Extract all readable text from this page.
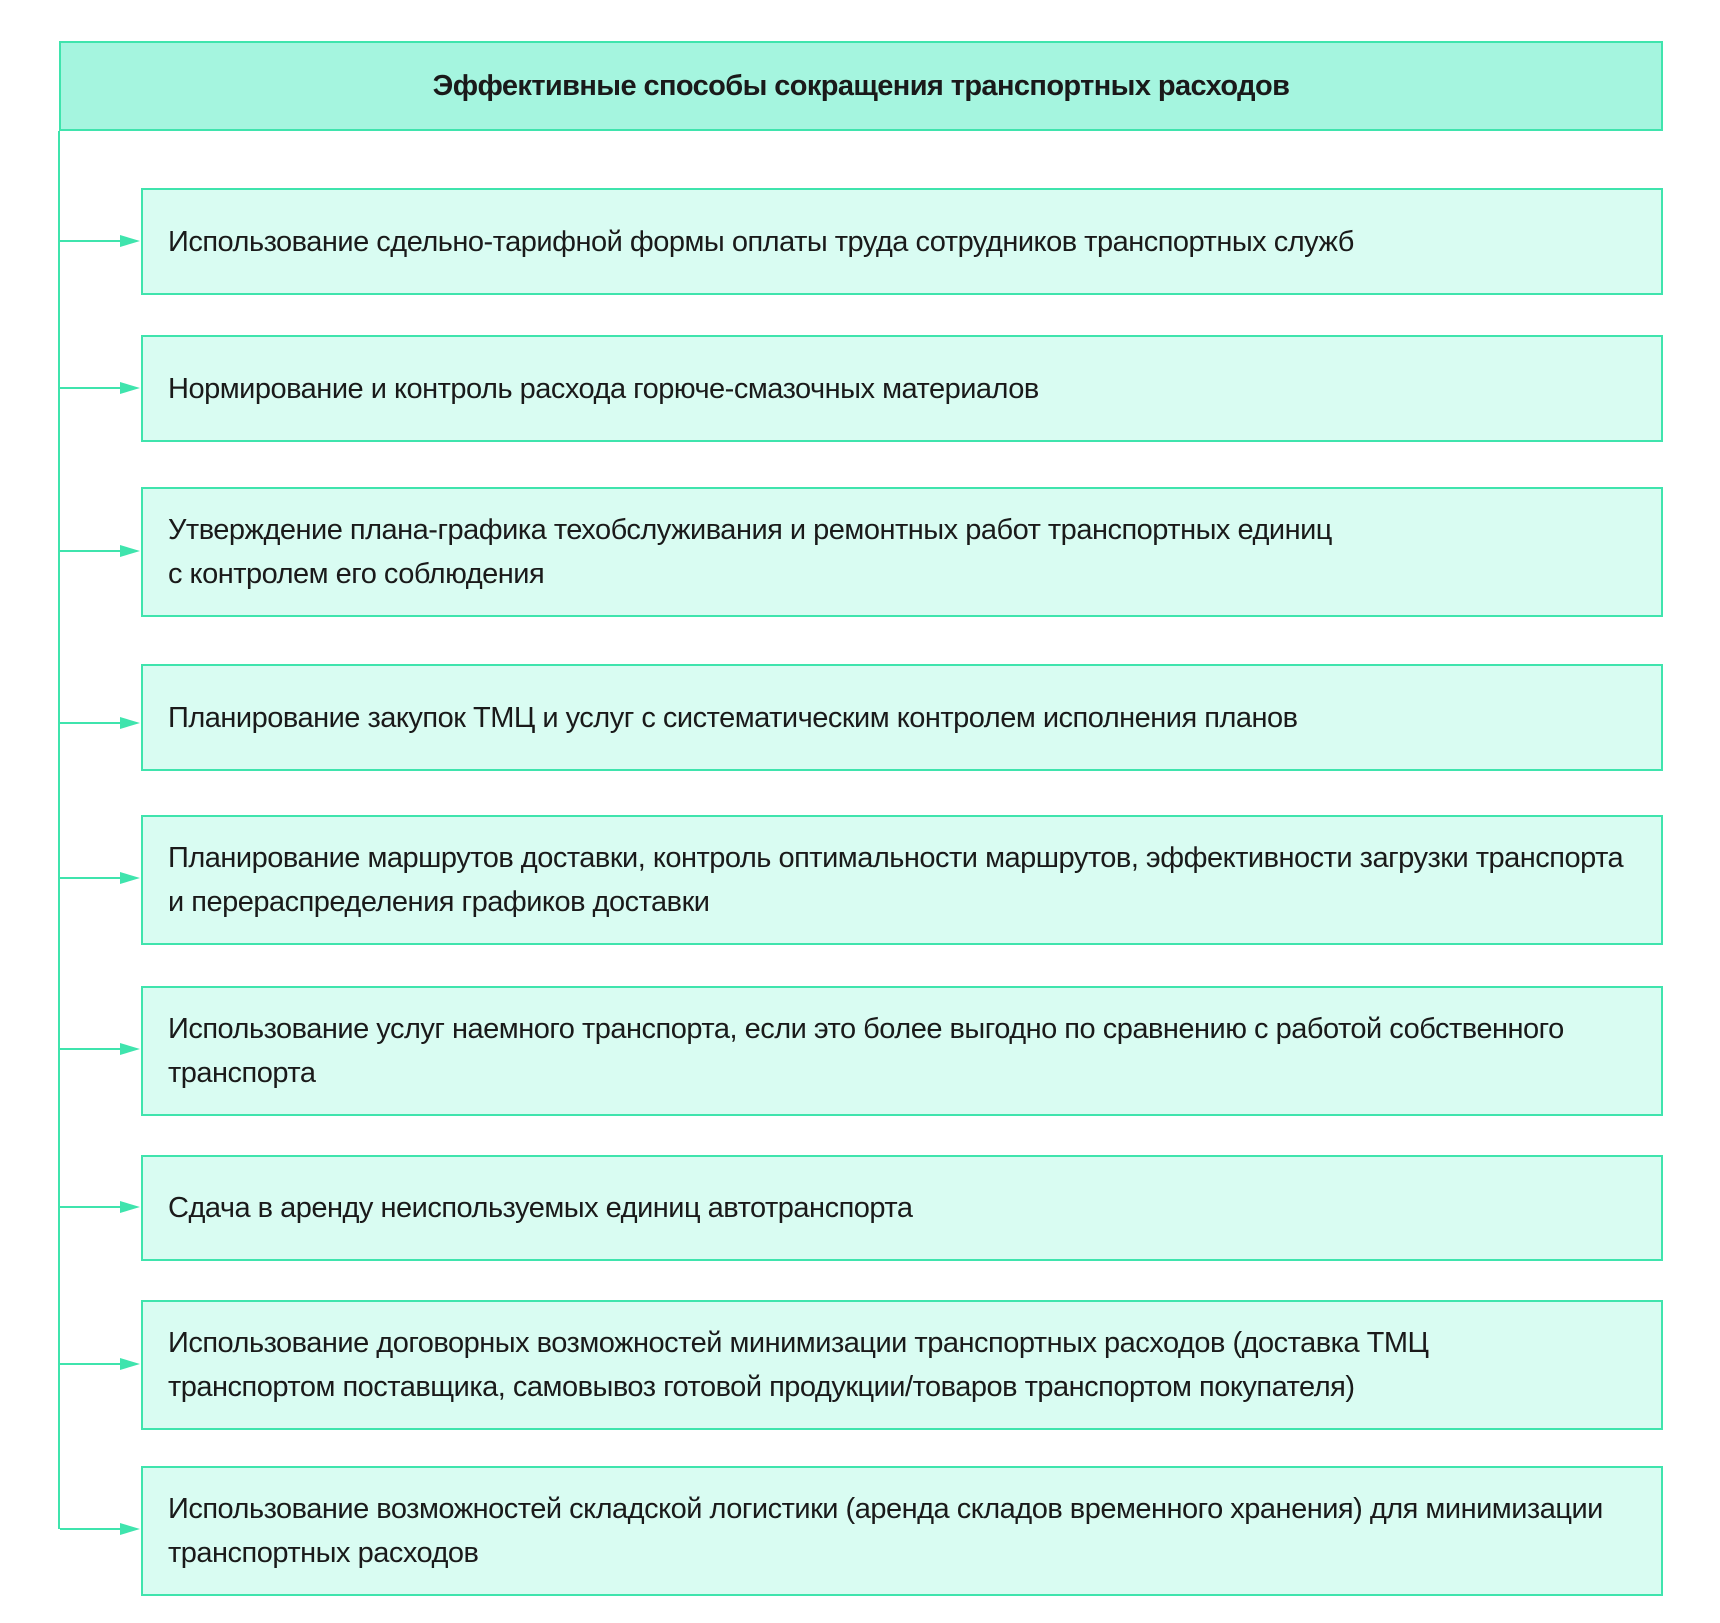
Эффективные способы сокращения транспортных расходов
Использование сдельно-тарифной формы оплаты труда сотрудников транспортных служб
Нормирование и контроль расхода горюче-смазочных материалов
Утверждение плана-графика техобслуживания и ремонтных работ транспортных единиц
с контролем его соблюдения
Планирование закупок ТМЦ и услуг с систематическим контролем исполнения планов
Планирование маршрутов доставки, контроль оптимальности маршрутов, эффективности загрузки транспорта
и перераспределения графиков доставки
Использование услуг наемного транспорта, если это более выгодно по сравнению с работой собственного
транспорта
Сдача в аренду неиспользуемых единиц автотранспорта
Использование договорных возможностей минимизации транспортных расходов (доставка ТМЦ
транспортом поставщика, самовывоз готовой продукции/товаров транспортом покупателя)
Использование возможностей складской логистики (аренда складов временного хранения) для минимизации
транспортных расходов
